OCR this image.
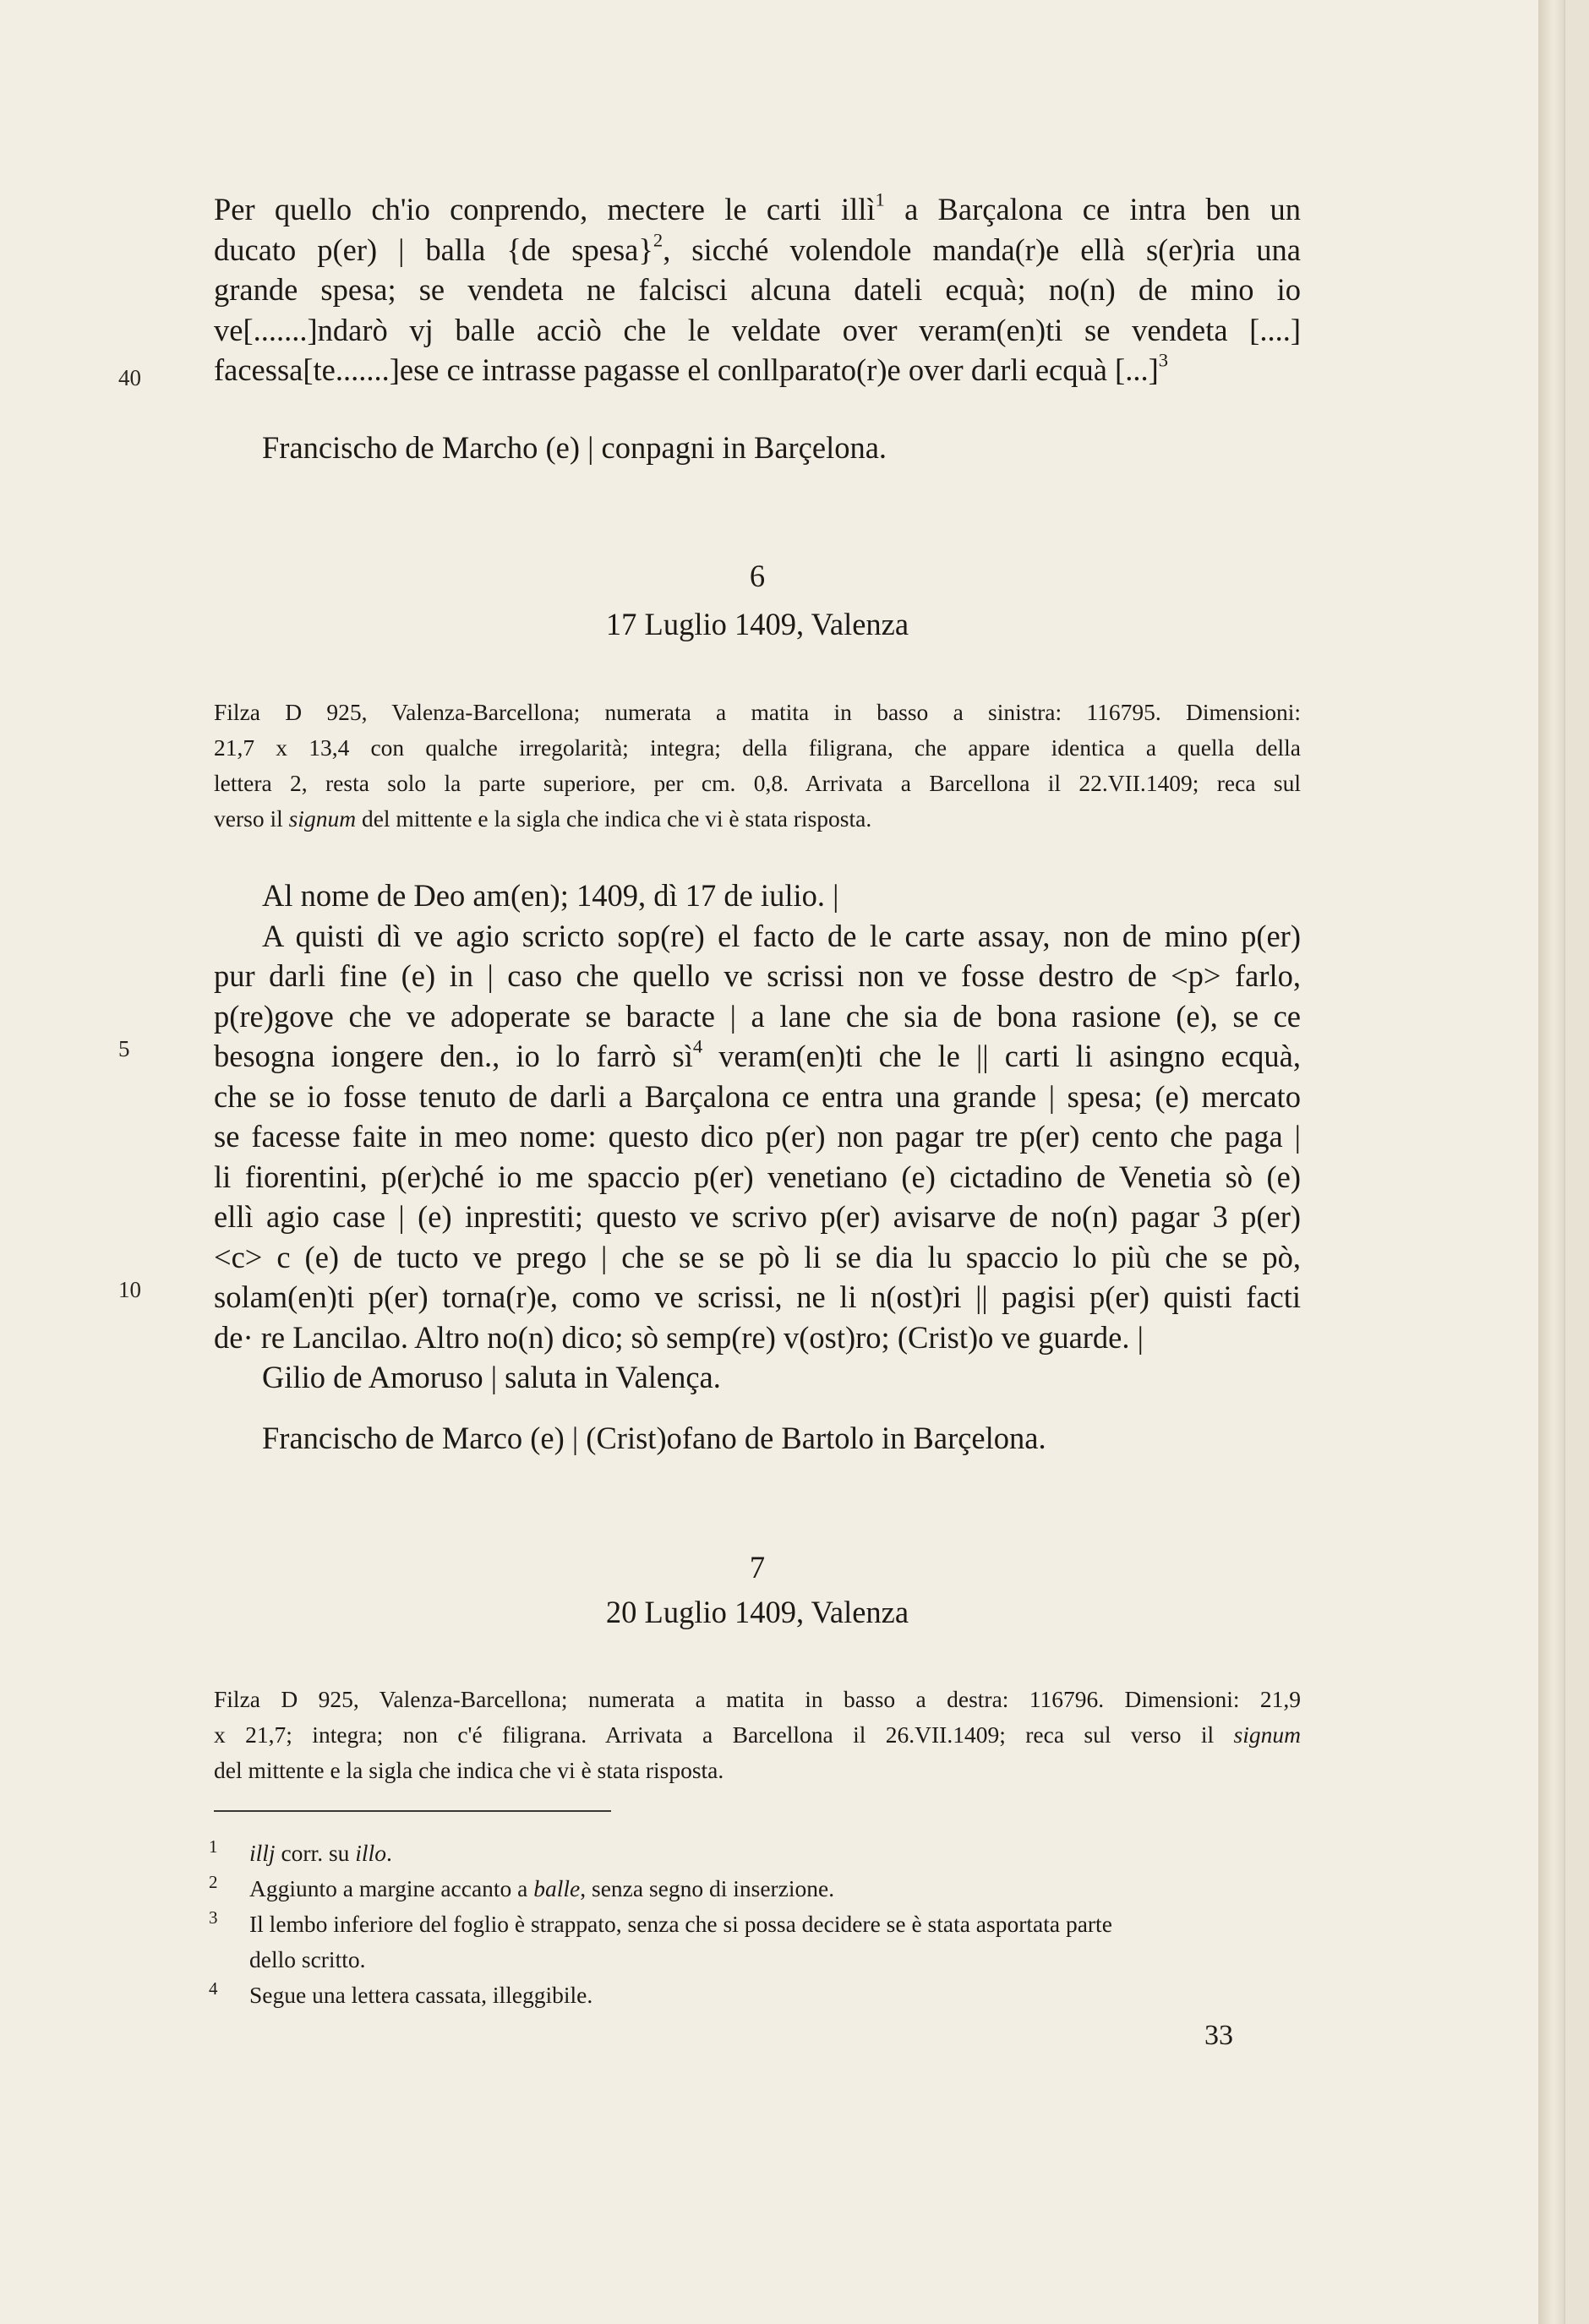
Per quello ch'io conprendo, mectere le carti illì$^1$ a Barçalona ce intra ben un
ducato p(er) | balla {de spesa}$^2$, sicché volendole manda(r)e ellà s(er)ria una
grande spesa; se vendeta ne falcisci alcuna dateli ecquà; no(n) de mino io
ve[.......]ndarò vj balle acciò che le veldate over veram(en)ti se vendeta [....]
facessa[te.......]ese ce intrasse pagasse el conllparato(r)e over darli ecquà [...]$^3$

40

Francischo de Marcho (e) | conpagni in Barçelona.

6
17 Luglio 1409, Valenza

Filza D 925, Valenza-Barcellona; numerata a matita in basso a sinistra: 116795. Dimensioni:
21,7 x 13,4 con qualche irregolarità; integra; della filigrana, che appare identica a quella della
lettera 2, resta solo la parte superiore, per cm. 0,8. Arrivata a Barcellona il 22.VII.1409; reca sul
verso il signum del mittente e la sigla che indica che vi è stata risposta.

Al nome de Deo am(en); 1409, dì 17 de iulio. |

A quisti dì ve agio scricto sop(re) el facto de le carte assay, non de mino p(er)
pur darli fine (e) in | caso che quello ve scrissi non ve fosse destro de <p> farlo,
p(re)gove che ve adoperate se baracte | a lane che sia de bona rasione (e), se ce
besogna iongere den., io lo farrò $sì^4$ veram(en)ti che le || carti li asingno ecquà,
che se io fosse tenuto de darli a Barçalona ce entra una grande | spesa; (e) mercato
se facesse faite in meo nome: questo dico p(er) non pagar tre p(er) cento che paga |
li fiorentini, p(er)ché io me spaccio p(er) venetiano (e) cictadino de Venetia sò (e)
ellì agio case | (e) inprestiti; questo ve scrivo p(er) avisarve de no(n) pagar 3 p(er)
<c> c (e) de tucto ve prego | che se se pò li se dia lu spaccio lo più che se pò,
solam(en)ti p(er) torna(r)e, como ve scrissi, ne li n(ost)ri || pagisi p(er) quisti facti
de· re Lancilao. Altro no(n) dico; sò semp(re) v(ost)ro; (Crist)o ve guarde. |

Gilio de Amoruso | saluta in Valença.

5
10

Francischo de Marco (e) | (Crist)ofano de Bartolo in Barçelona.

7
20 Luglio 1409, Valenza

Filza D 925, Valenza-Barcellona; numerata a matita in basso a destra: 116796. Dimensioni: 21,9
x 21,7; integra; non c'é filigrana. Arrivata a Barcellona il 26.VII.1409; reca sul verso il signum
del mittente e la sigla che indica che vi è stata risposta.

1	illj corr. su illo.
2	Aggiunto a margine accanto a balle, senza segno di inserzione.
3	Il lembo inferiore del foglio è strappato, senza che si possa decidere se è stata asportata parte
dello scritto.
4	Segue una lettera cassata, illeggibile.
33
